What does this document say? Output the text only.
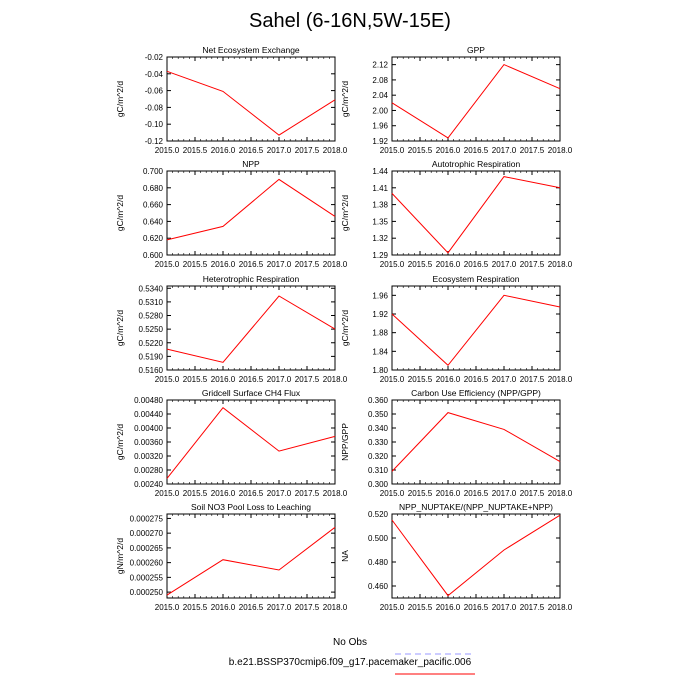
Sahel (6-16N,5W-15E)
Net Ecosystem Exchange
gC/m^2/d
2015.0 2015.5 2016.0 2016.5 2017.0 2017.5 2018.0
-0.02
-0.04
-0.06
-0.08
-0.10
-0.12
GPP
gC/m^2/d
2015.0 2015.5 2016.0 2016.5 2017.0 2017.5 2018.0
2.12
2.08
2.04
2.00
1.96
1.92
NPP
gC/m^2/d
2015.0 2015.5 2016.0 2016.5 2017.0 2017.5 2018.0
0.700
0.680
0.660
0.640
0.620
0.600
Autotrophic Respiration
gC/m^2/d
2015.0 2015.5 2016.0 2016.5 2017.0 2017.5 2018.0
1.44
1.41
1.38
1.35
1.32
1.29
Heterotrophic Respiration
gC/m^2/d
2015.0 2015.5 2016.0 2016.5 2017.0 2017.5 2018.0
0.5340
0.5310
0.5280
0.5250
0.5220
0.5190
0.5160
Ecosystem Respiration
gC/m^2/d
2015.0 2015.5 2016.0 2016.5 2017.0 2017.5 2018.0
1.96
1.92
1.88
1.84
1.80
Gridcell Surface CH4 Flux
gC/m^2/d
2015.0 2015.5 2016.0 2016.5 2017.0 2017.5 2018.0
0.00480
0.00440
0.00400
0.00360
0.00320
0.00280
0.00240
Carbon Use Efficiency (NPP/GPP)
NPP/GPP
2015.0 2015.5 2016.0 2016.5 2017.0 2017.5 2018.0
0.360
0.350
0.340
0.330
0.320
0.310
0.300
Soil NO3 Pool Loss to Leaching
gN/m^2/d
2015.0 2015.5 2016.0 2016.5 2017.0 2017.5 2018.0
0.000275
0.000270
0.000265
0.000260
0.000255
0.000250
NPP_NUPTAKE/(NPP_NUPTAKE+NPP)
NA
2015.0 2015.5 2016.0 2016.5 2017.0 2017.5 2018.0
0.520
0.500
0.480
0.460
No Obs
b.e21.BSSP370cmip6.f09_g17.pacemaker_pacific.006
